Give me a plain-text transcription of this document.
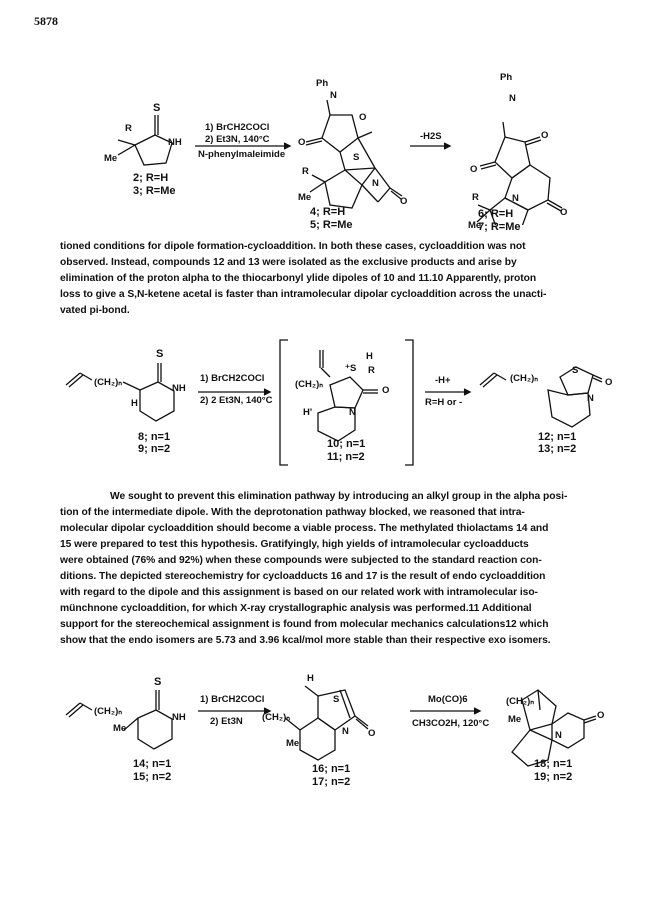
5878
S
R
Me
NH
Ph
N
O
O
S
R
Me
N
O
Ph
N
O
O
R
Me
N
O
2; R=H
3; R=Me
1) BrCH2COCl
2) Et3N, 140°C
N-phenylmaleimide
4; R=H
5; R=Me
-H2S
6; R=H
7; R=Me
tioned conditions for dipole formation-cycloaddition. In both these cases, cycloaddition was not
observed. Instead, compounds 12 and 13 were isolated as the exclusive products and arise by
elimination of the proton alpha to the thiocarbonyl ylide dipoles of 10 and 11.10 Apparently, proton
loss to give a S,N-ketene acetal is faster than intramolecular dipolar cycloaddition across the unacti-
vated pi-bond.
S
(CH₂)ₙ
H
NH	(CH₂)ₙ
H'
⁺S R
H
O
N
S
(CH₂)ₙ
N
O
1) BrCH2COCl
2) 2 Et3N, 140°C
8; n=1
9; n=2	10; n=1
11; n=2
-H+
R=H or -
12; n=1
13; n=2
We sought to prevent this elimination pathway by introducing an alkyl group in the alpha posi-
tion of the intermediate dipole. With the deprotonation pathway blocked, we reasoned that intra-
molecular dipolar cycloaddition should become a viable process. The methylated thiolactams 14 and
15 were prepared to test this hypothesis. Gratifyingly, high yields of intramolecular cycloadducts
were obtained (76% and 92%) when these compounds were subjected to the standard reaction con-
ditions. The depicted stereochemistry for cycloadducts 16 and 17 is the result of endo cycloaddition
with regard to the dipole and this assignment is based on our related work with intramolecular iso-
münchnone cycloaddition, for which X-ray crystallographic analysis was performed.11 Additional
support for the stereochemical assignment is found from molecular mechanics calculations12 which
show that the endo isomers are 5.73 and 3.96 kcal/mol more stable than their respective exo isomers.
S
(CH₂)ₙ
Me
NH
H
S
(CH₂)ₙ
Me
N O
(CH₂)ₙ
Me
N
O
1) BrCH2COCl
2) Et3N
Mo(CO)6
CH3CO2H, 120°C
14; n=1
15; n=2
16; n=1
17; n=2
18; n=1
19; n=2
